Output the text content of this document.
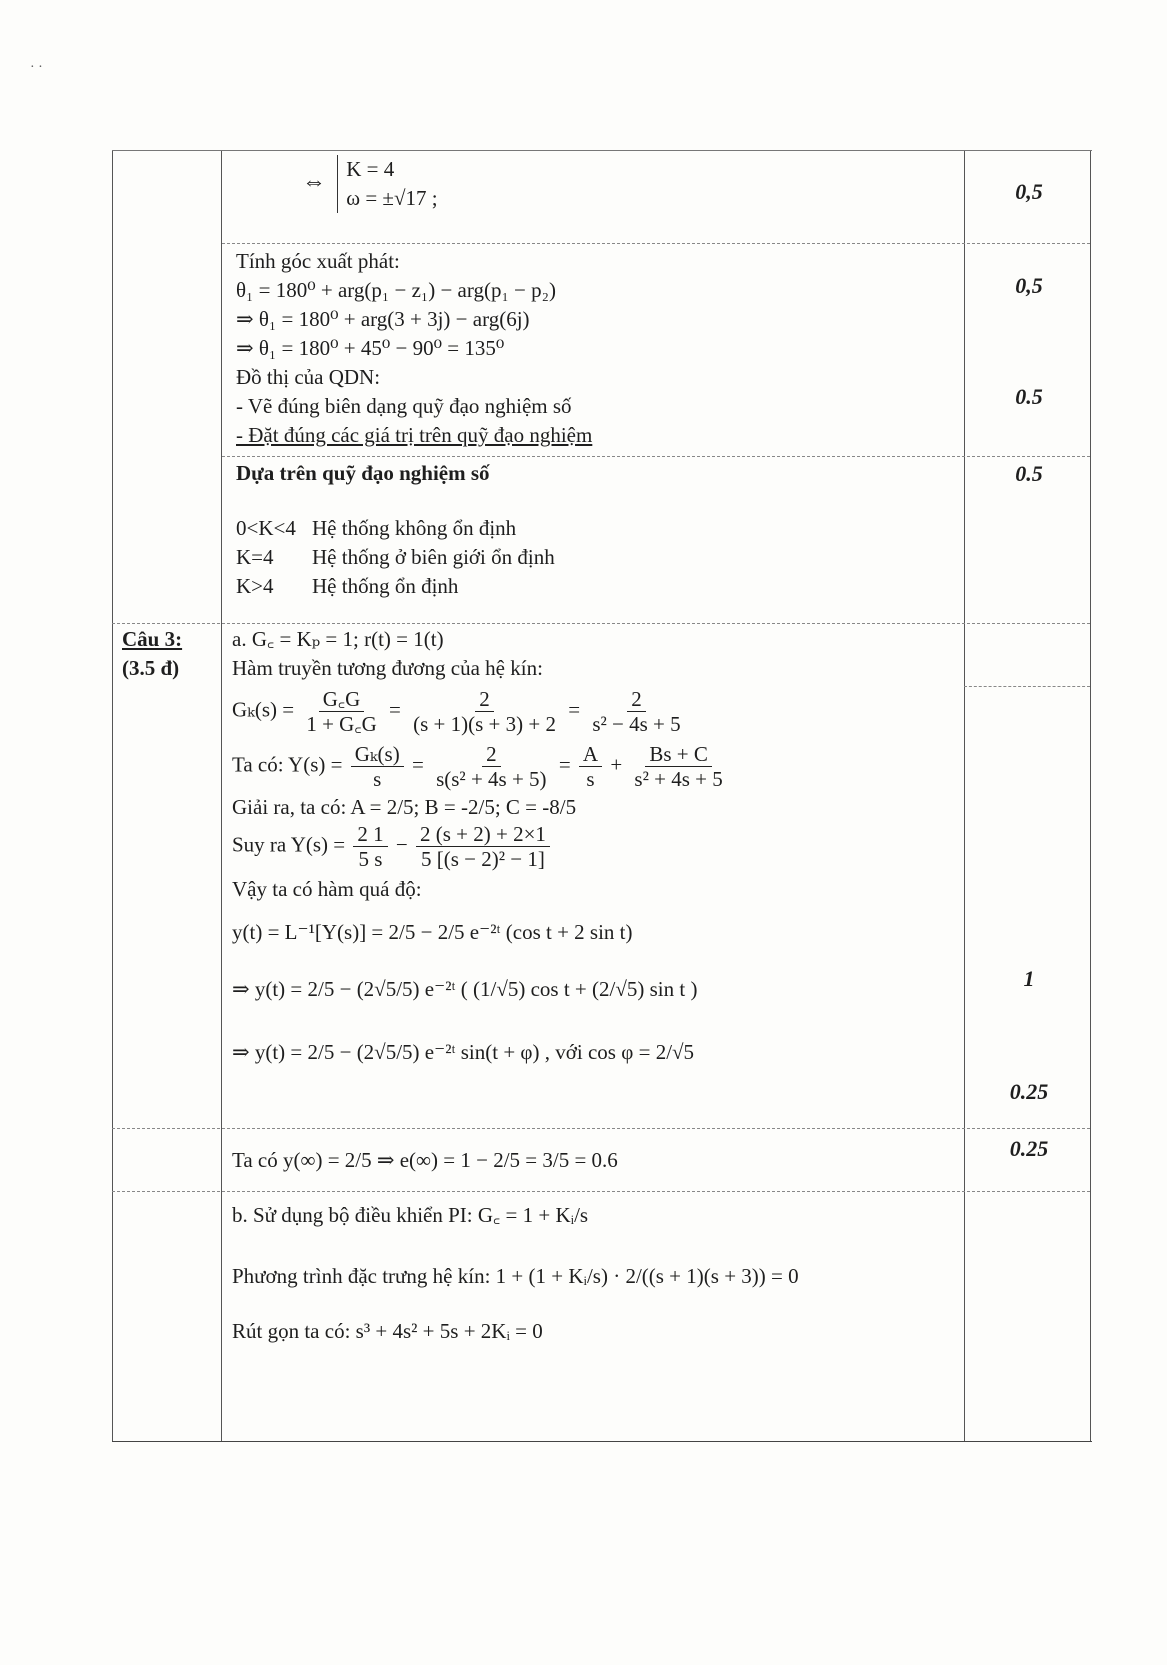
· ·
⇔ K = 4
ω = ±√17 ;	0,5
Tính góc xuất phát:
θ₁ = 180⁰ + arg(p₁ − z₁) − arg(p₁ − p₂)
⇒ θ₁ = 180⁰ + arg(3 + 3j) − arg(6j)
⇒ θ₁ = 180⁰ + 45⁰ − 90⁰ = 135⁰
Đồ thị của QDN:
- Vẽ đúng biên dạng quỹ đạo nghiệm số
- Đặt đúng các giá trị trên quỹ đạo nghiệm
0,5
0.5
Dựa trên quỹ đạo nghiệm số
0<K<4 Hệ thống không ổn định
K=4 Hệ thống ở biên giới ổn định
K>4 Hệ thống ổn định
0.5
Câu 3:
(3.5 đ)
a. G꜀ = Kₚ = 1; r(t) = 1(t)
Hàm truyền tương đương của hệ kín:
$G_k(s) = \frac{G꜀G}{1 + G꜀G} = \frac{2}{(s + 1)(s + 3) + 2} = \frac{2}{\text{s² − 4s + 5}}$
Ta có: $Y(s) = \frac{\text{Gₖ(s)}}{s} = \frac{2}{\text{s(s² + 4s + 5)}} = \frac{A}{s} + \frac{Bs + C}{\text{s² + 4s + 5}}$
Giải ra, ta có: A = 2/5; B = -2/5; C = -8/5
Suy ra $Y(s) = \frac{2 1}{5 s} - \frac{2 (s + 2) + 2\times 1}{\text{5 [(s − 2)² − 1]}}$
Vậy ta có hàm quá độ:
y(t) = L⁻¹[Y(s)] = 2/5 − 2/5 e⁻²ᵗ (cos t + 2 sin t)
⇒ y(t) = 2/5 − (2√5/5) e⁻²ᵗ ( (1/√5) cos t + (2/√5) sin t )
⇒ y(t) = 2/5 − (2√5/5) e⁻²ᵗ sin(t + φ) , với cos φ = 2/√5
1
0.25
Ta có y(∞) = 2/5 ⇒ e(∞) = 1 − 2/5 = 3/5 = 0.6	0.25
b. Sử dụng bộ điều khiển PI: G꜀ = 1 + Kᵢ/s
Phương trình đặc trưng hệ kín: 1 + (1 + Kᵢ/s) · 2/((s + 1)(s + 3)) = 0
Rút gọn ta có: s³ + 4s² + 5s + 2Kᵢ = 0
